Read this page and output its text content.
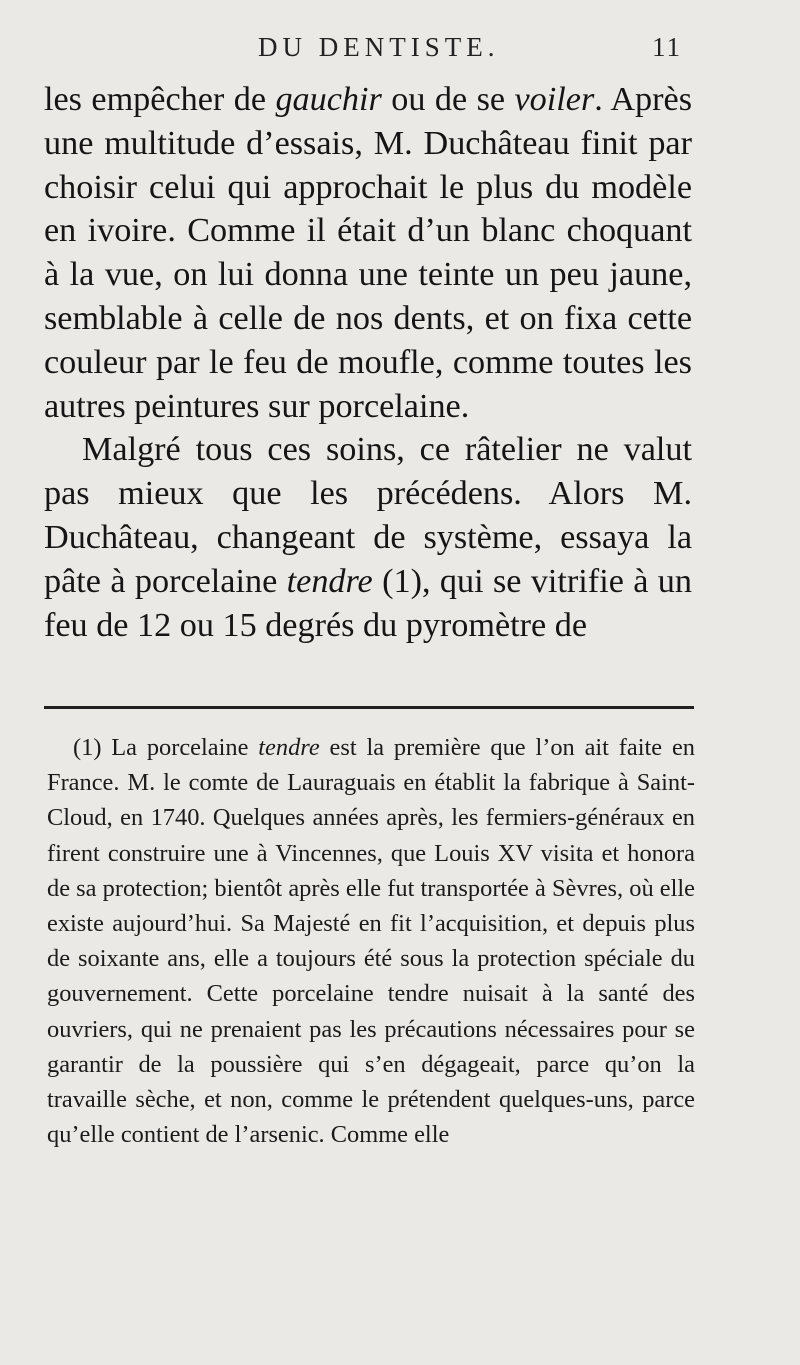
DU DENTISTE.	11

les empêcher de gauchir ou de se voiler. Après une multitude d’essais, M. Duchâteau finit par choisir celui qui approchait le plus du modèle en ivoire. Comme il était d’un blanc choquant à la vue, on lui donna une teinte un peu jaune, semblable à celle de nos dents, et on fixa cette couleur par le feu de moufle, comme toutes les autres peintures sur porcelaine.

Malgré tous ces soins, ce râtelier ne valut pas mieux que les précédens. Alors M. Duchâteau, changeant de système, essaya la pâte à porcelaine tendre (1), qui se vitrifie à un feu de 12 ou 15 degrés du pyromètre de

(1) La porcelaine tendre est la première que l’on ait faite en France. M. le comte de Lauraguais en établit la fabrique à Saint-Cloud, en 1740. Quelques années après, les fermiers-généraux en firent construire une à Vincennes, que Louis XV visita et honora de sa protection; bientôt après elle fut transportée à Sèvres, où elle existe aujourd’hui. Sa Majesté en fit l’acquisition, et depuis plus de soixante ans, elle a toujours été sous la protection spéciale du gouvernement. Cette porcelaine tendre nuisait à la santé des ouvriers, qui ne prenaient pas les précautions nécessaires pour se garantir de la poussière qui s’en dégageait, parce qu’on la travaille sèche, et non, comme le prétendent quelques-uns, parce qu’elle contient de l’arsenic. Comme elle
